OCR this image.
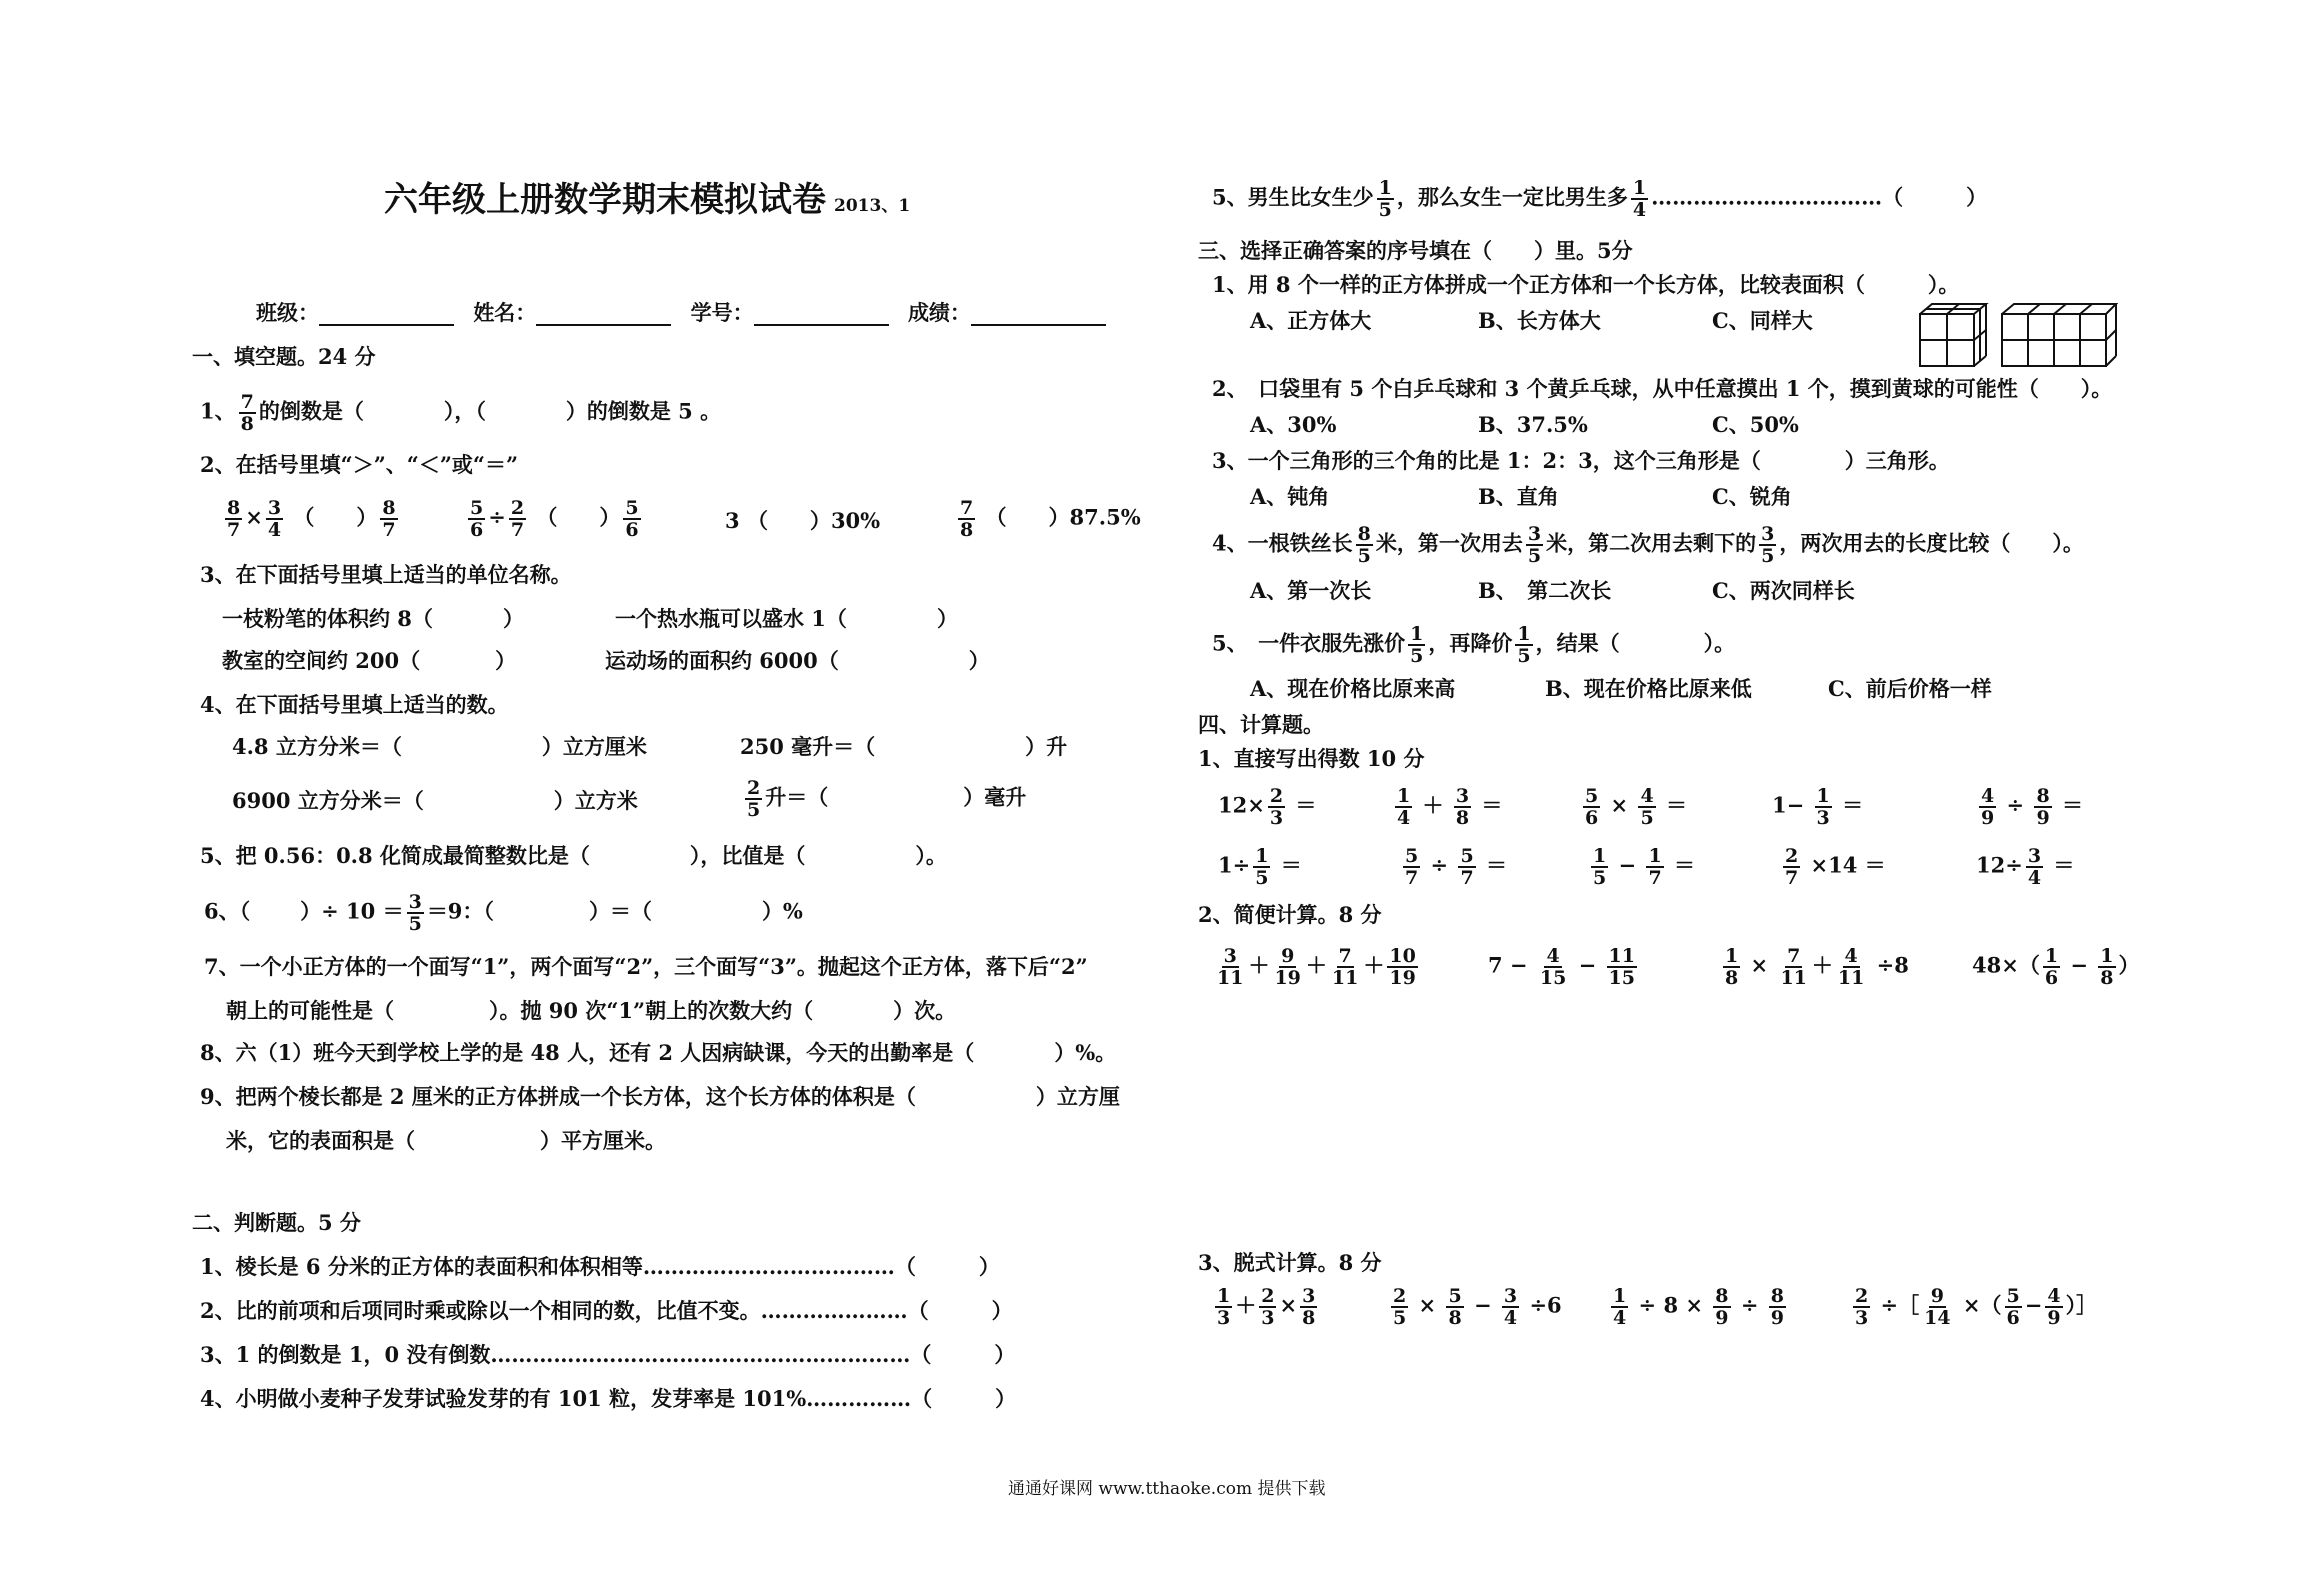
六年级上册数学期末模拟试卷 2013、1
班级：	姓名：	学号：	成绩：
一、填空题。24 分
1、 $\frac{7}{8}$ 的倒数是（	），（	）的倒数是 5 。
2、在括号里填“＞”、“＜”或“＝”
$\frac{8}{7} \times \frac{3}{4}$ （　　） $\frac{8}{7}$	$\frac{5}{6} \div \frac{2}{7}$ （　　） $\frac{5}{6}$	3 （　　）30%	$\frac{7}{8}$ （　　）87.5%
3、在下面括号里填上适当的单位名称。
一枝粉笔的体积约 8（	）	一个热水瓶可以盛水 1（	）
教室的空间约 200（	）	运动场的面积约 6000（	）
4、在下面括号里填上适当的数。
4.8 立方分米＝（	）立方厘米	250 毫升＝（	）升
6900 立方分米＝（	）立方米	$\frac{2}{5}$ 升＝（	）毫升
5、把 0.56：0.8 化简成最简整数比是（	），比值是（	）。
6、（ ）÷ $10 = \frac{3}{5} =9$：（	）＝（	）%
7、一个小正方体的一个面写“1”，两个面写“2”，三个面写“3”。抛起这个正方体，落下后“2”
朝上的可能性是（	）。抛 90 次“1”朝上的次数大约（	）次。
8、六（1）班今天到学校上学的是 48 人，还有 2 人因病缺课，今天的出勤率是（	）%。
9、把两个棱长都是 2 厘米的正方体拼成一个长方体，这个长方体的体积是（	）立方厘
米，它的表面积是（	）平方厘米。
二、判断题。5 分
1、棱长是 6 分米的正方体的表面积和体积相等………………………………（　　　）
2、比的前项和后项同时乘或除以一个相同的数，比值不变。…………………（　　　）
3、1 的倒数是 1，0 没有倒数……………………………………………………（　　　）
4、小明做小麦种子发芽试验发芽的有 101 粒，发芽率是 101%……………（　　　）
5、男生比女生少 $\frac{1}{5}$ ，那么女生一定比男生多 $\frac{1}{4}$ ……………………………（　　　）
三、选择正确答案的序号填在（　　）里。5分
1、用 8 个一样的正方体拼成一个正方体和一个长方体，比较表面积（　　　）。
A、正方体大	B、长方体大	C、同样大
2、　口袋里有 5 个白乒乓球和 3 个黄乒乓球，从中任意摸出 1 个，摸到黄球的可能性（　　）。
A、30%	B、37.5%	C、50%
3、一个三角形的三个角的比是 1：2：3，这个三角形是（　　　　）三角形。
A、钝角	B、直角	C、锐角
4、一根铁丝长 $\frac{8}{5}$ 米，第一次用去 $\frac{3}{5}$ 米，第二次用去剩下的 $\frac{3}{5}$ ，两次用去的长度比较（　　）。
A、第一次长	B、　第二次长	C、两次同样长
5、　一件衣服先涨价 $\frac{1}{5}$ ，再降价 $\frac{1}{5}$ ，结果（　　　　）。
A、现在价格比原来高	B、现在价格比原来低	C、前后价格一样
四、计算题。
1、直接写出得数 10 分
$12\times \frac{2}{3}$ ＝	$\frac{1}{4} + \frac{3}{8}$ ＝	$\frac{5}{6} \times \frac{4}{5}$ ＝	$1- \frac{1}{3}$ ＝	$\frac{4}{9} \div \frac{8}{9}$ ＝
$1\div \frac{1}{5}$ ＝	$\frac{5}{7} \div \frac{5}{7}$ ＝	$\frac{1}{5} - \frac{1}{7}$ ＝	$\frac{2}{7} \times 14$ ＝	$12\div \frac{3}{4}$ ＝
2、简便计算。8 分
$\frac{3}{11} + \frac{9}{19} + \frac{7}{11} + \frac{10}{19}$	$7 - \frac{4}{15} - \frac{11}{15}$	$\frac{1}{8} \times \frac{7}{11} + \frac{4}{11} \div 8$	$48\times( \frac{1}{6} - \frac{1}{8}$ ）
3、脱式计算。8 分
$\frac{1}{3} + \frac{2}{3} \times \frac{3}{8}$	$\frac{2}{5} \times \frac{5}{8} - \frac{3}{4} \div 6$	$\frac{1}{4} \div 8 \times \frac{8}{9} \div \frac{8}{9}$	$\frac{2}{3}$ ÷［ $\frac{9}{14}$ ×（ $\frac{5}{6} - \frac{4}{9}$ ）］
通通好课网 www.tthaoke.com 提供下载
